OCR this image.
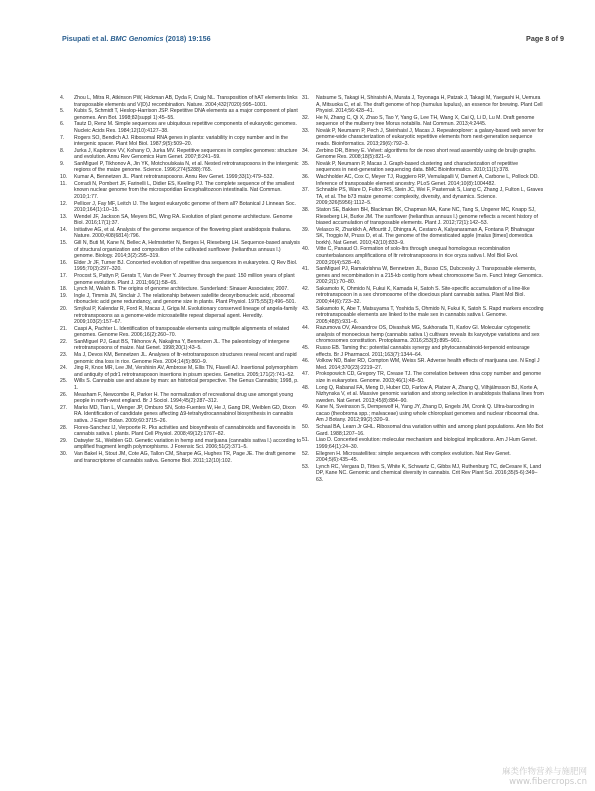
Pisupati et al. BMC Genomics (2018) 19:156	Page 8 of 9
4.	Zhou L, Mitra R, Atkinson PW, Hickman AB, Dyda F, Craig NL. Transposition of hAT elements links transposable elements and V(D)J recombination. Nature. 2004;432(7020):995–1001.
5.	Kubis S, Schmidt T, Heslop-Harrison JSP. Repetitive DNA elements as a major component of plant genomes. Ann Bot. 1998;82(suppl 1):45–55.
6.	Tautz D, Renz M. Simple sequences are ubiquitous repetitive components of eukaryotic genomes. Nucleic Acids Res. 1984;12(10):4127–38.
7.	Rogers SO, Bendich AJ. Ribosomal RNA genes in plants: variability in copy number and in the intergenic spacer. Plant Mol Biol. 1987;9(5):509–20.
8.	Jurka J, Kapitonov VV, Kohany O, Jurka MV. Repetitive sequences in complex genomes: structure and evolution. Annu Rev Genomics Hum Genet. 2007;8:241–59.
9.	SanMiguel P, Tikhonov A, Jin YK, Motchoulskaia N, et al. Nested retrotransposons in the intergenic regions of the maize genome. Science. 1996;274(5288):765.
10.	Kumar A, Bennetzen JL. Plant retrotransposons. Annu Rev Genet. 1999;33(1):479–532.
11.	Corradi N, Pombert JF, Farinelli L, Didier ES, Keeling PJ. The complete sequence of the smallest known nuclear genome from the microsporidian Encephalitozoon intestinalis. Nat Commun. 2010;1:77.
12.	Pellicer J, Fay MF, Leitch IJ. The largest eukaryotic genome of them all? Botanical J Linnean Soc. 2010;164(1):10–15.
13.	Wendel JF, Jackson SA, Meyers BC, Wing RA. Evolution of plant genome architecture. Genome Biol. 2016;17(1):37.
14.	Initiative AG, et al. Analysis of the genome sequence of the flowering plant arabidopsis thaliana. Nature. 2000;408(6814):796.
15.	Gill N, Buti M, Kane N, Bellec A, Helmstetter N, Berges H, Rieseberg LH. Sequence-based analysis of structural organization and composition of the cultivated sunflower (helianthus annuus l.) genome. Biology. 2014;3(2):295–319.
16.	Elder Jr JF, Turner BJ. Concerted evolution of repetitive dna sequences in eukaryotes. Q Rev Biol. 1995;70(3):297–320.
17.	Procost S, Pattyn P, Gerats T, Van de Peer Y. Journey through the past: 150 million years of plant genome evolution. Plant J. 2011;66(1):58–65.
18.	Lynch M, Walsh B. The origins of genome architecture. Sunderland: Sinauer Associates; 2007.
19.	Ingle J, Timmis JN, Sinclair J. The relationship between satellite deoxyribonucleic acid, ribosomal ribonucleic acid gene redundancy, and genome size in plants. Plant Physiol. 1975;55(3):496–501.
20.	Smýkal P, Kalendar R, Ford R, Macas J, Griga M. Evolutionary conserved lineage of angela-family retrotransposons as a genome-wide microsatellite repeat dispersal agent. Heredity. 2009;103(2):157–67.
21.	Caspi A, Pachter L. Identification of transposable elements using multiple alignments of related genomes. Genome Res. 2006;16(2):260–70.
22.	SanMiguel PJ, Gaut BS, Tikhonov A, Nakajima Y, Bennetzen JL. The paleontology of intergene retrotransposons of maize. Nat Genet. 1998;20(1):43–5.
23.	Ma J, Devos KM, Bennetzen JL. Analyses of ltr-retrotransposon structures reveal recent and rapid genomic dna loss in rice. Genome Res. 2004;14(5):860–9.
24.	Jing R, Knox MR, Lee JM, Vershinin AV, Ambrose M, Ellis TN, Flavell AJ. Insertional polymorphism and antiquity of pdr1 retrotransposon insertions in pisum species. Genetics. 2005;171(2):741–52.
25.	Wills S. Cannabis use and abuse by man: an historical perspective. The Genus Cannabis; 1998, p. 1.
26.	Measham F, Newcombe R, Parker H. The normalization of recreational drug use amongst young people in north-west england. Br J Sociol. 1994;45(2):287–312.
27.	Marks MD, Tian L, Wenger JP, Omburo SN, Soto-Fuentes W, He J, Gang DR, Weiblen GD, Dixon RA. Identification of candidate genes affecting Δ9-tetrahydrocannabinol biosynthesis in cannabis sativa. J Exper Botan. 2009;60:3715–26.
28.	Flores-Sanchez IJ, Verpoorte R. Pks activities and biosynthesis of cannabinoids and flavonoids in cannabis sativa l. plants. Plant Cell Physiol. 2008;49(12):1767–82.
29.	Datwyler SL, Weiblen GD. Genetic variation in hemp and marijuana (cannabis sativa l.) according to amplified fragment length polymorphisms. J Forensic Sci. 2006;51(2):371–5.
30.	Van Bakel H, Stout JM, Cote AG, Tallon CM, Sharpe AG, Hughes TR, Page JE. The draft genome and transcriptome of cannabis sativa. Genome Biol. 2011;12(10):102.
31.	Natsume S, Takagi H, Shiraishi A, Murata J, Toyonaga H, Patzak J, Takagi M, Yaegashi H, Uemura A, Mitsuoka C, et al. The draft genome of hop (humulus lupulus), an essence for brewing. Plant Cell Physiol. 2014;56:428–41.
32.	He N, Zhang C, Qi X, Zhao S, Tao Y, Yang G, Lee TH, Wang X, Cai Q, Li D, Lu M. Draft genome sequence of the mulberry tree Morus notabilis. Nat Commun. 2013;4:2445.
33.	Novák P, Neumann P, Pech J, Steinhaisl J, Macas J. Repeatexplorer: a galaxy-based web server for genome-wide characterization of eukaryotic repetitive elements from next-generation sequence reads. Bioinformatics. 2013;29(6):792–3.
34.	Zerbino DR, Birney E. Velvet: algorithms for de novo short read assembly using de bruijn graphs. Genome Res. 2008;18(5):821–9.
35.	Novák P, Neumann P, Macas J. Graph-based clustering and characterization of repetitive sequences in next-generation sequencing data. BMC Bioinformatics. 2010;11(1):378.
36.	Wachholder AC, Cox C, Meyer TJ, Ruggiero RP, Vemulapalli V, Damert A, Carbone L, Pollock DD. Inference of transposable element ancestry. PLoS Genet. 2014;10(8):1004482.
37.	Schnable PS, Ware D, Fulton RS, Stein JC, Wei F, Pasternak S, Liang C, Zhang J, Fulton L, Graves TA, et al. The b73 maize genome: complexity, diversity, and dynamics. Science. 2009;326(5956):1112–5.
38.	Staton SE, Bakken BH, Blackman BK, Chapman MA, Kane NC, Tang S, Ungerer MC, Knapp SJ, Rieseberg LH, Burke JM. The sunflower (helianthus annuus l.) genome reflects a recent history of biased accumulation of transposable elements. Plant J. 2012;72(1):142–53.
39.	Velasco R, Zharkikh A, Affourtit J, Dhingra A, Cestaro A, Kalyanaraman A, Fontana P, Bhatnagar SK, Troggio M, Pruss D, et al. The genome of the domesticated apple (malus [times] domestica borkh). Nat Genet. 2010;42(10):833–9.
40.	Vitte C, Panaud O. Formation of solo-ltrs through unequal homologous recombination counterbalances amplifications of ltr retrotransposons in rice oryza sativa l. Mol Biol Evol. 2003;20(4):528–40.
41.	SanMiguel PJ, Ramakrishna W, Bennetzen JL, Busso CS, Dubcovsky J. Transposable elements, genes and recombination in a 215-kb contig from wheat chromosome 5a m. Funct Integr Genomics. 2002;2(1):70–80.
42.	Sakamoto K, Ohmido N, Fukui K, Kamada H, Satoh S. Site-specific accumulation of a line-like retrotransposon in a sex chromosome of the dioecious plant cannabis sativa. Plant Mol Biol. 2000;44(6):723–32.
43.	Sakamoto K, Abe T, Matsuyama T, Yoshida S, Ohmido N, Fukui K, Satoh S. Rapd markers encoding retrotransposable elements are linked to the male sex in cannabis sativa l. Genome. 2005;48(5):931–6.
44.	Razumova OV, Alexandrov OS, Divashuk MG, Sukhorada TI, Karlov GI. Molecular cytogenetic analysis of monoecious hemp (cannabis sativa l.) cultivars reveals its karyotype variations and sex chromosomes constitution. Protoplasma. 2016;253(3):895–901.
45.	Russo EB. Taming thc: potential cannabis synergy and phytocannabinoid-terpenoid entourage effects. Br J Pharmacol. 2011;163(7):1344–64.
46.	Volkow ND, Baler RD, Compton WM, Weiss SR. Adverse health effects of marijuana use. N Engl J Med. 2014;370(23):2219–27.
47.	Prokopowich CD, Gregory TR, Crease TJ. The correlation between rdna copy number and genome size in eukaryotes. Genome. 2003;46(1):48–50.
48.	Long Q, Rabanal FA, Meng D, Huber CD, Farlow A, Platzer A, Zhang Q, Vilhjálmsson BJ, Korte A, Nizhynska V, et al. Massive genomic variation and strong selection in arabidopsis thaliana lines from sweden. Nat Genet. 2013;45(8):884–90.
49.	Kane N, Sveinsson S, Dempewolf H, Yang JY, Zhang D, Engels JM, Cronk Q. Ultra-barcoding in cacao (theobroma spp.; malvaceae) using whole chloroplast genomes and nuclear ribosomal dna. Am J Botany. 2012;99(2):320–9.
50.	Schaal BA, Learn Jr GHL. Ribosomal dna variation within and among plant populations. Ann Mo Bot Gard. 1988;1207–16.
51.	Liao D. Concerted evolution: molecular mechanism and biological implications. Am J Hum Genet. 1999;64(1):24–30.
52.	Ellegren H. Microsatellites: simple sequences with complex evolution. Nat Rev Genet. 2004;5(6):435–45.
53.	Lynch RC, Vergara D, Tittes S, White K, Schwartz C, Gibbs MJ, Ruthenburg TC, deCesare K, Land DP, Kane NC. Genomic and chemical diversity in cannabis. Crit Rev Plant Sci. 2016;35(5-6):349–63.
麻类作物营养与施肥网
www.fibercrops.cn
